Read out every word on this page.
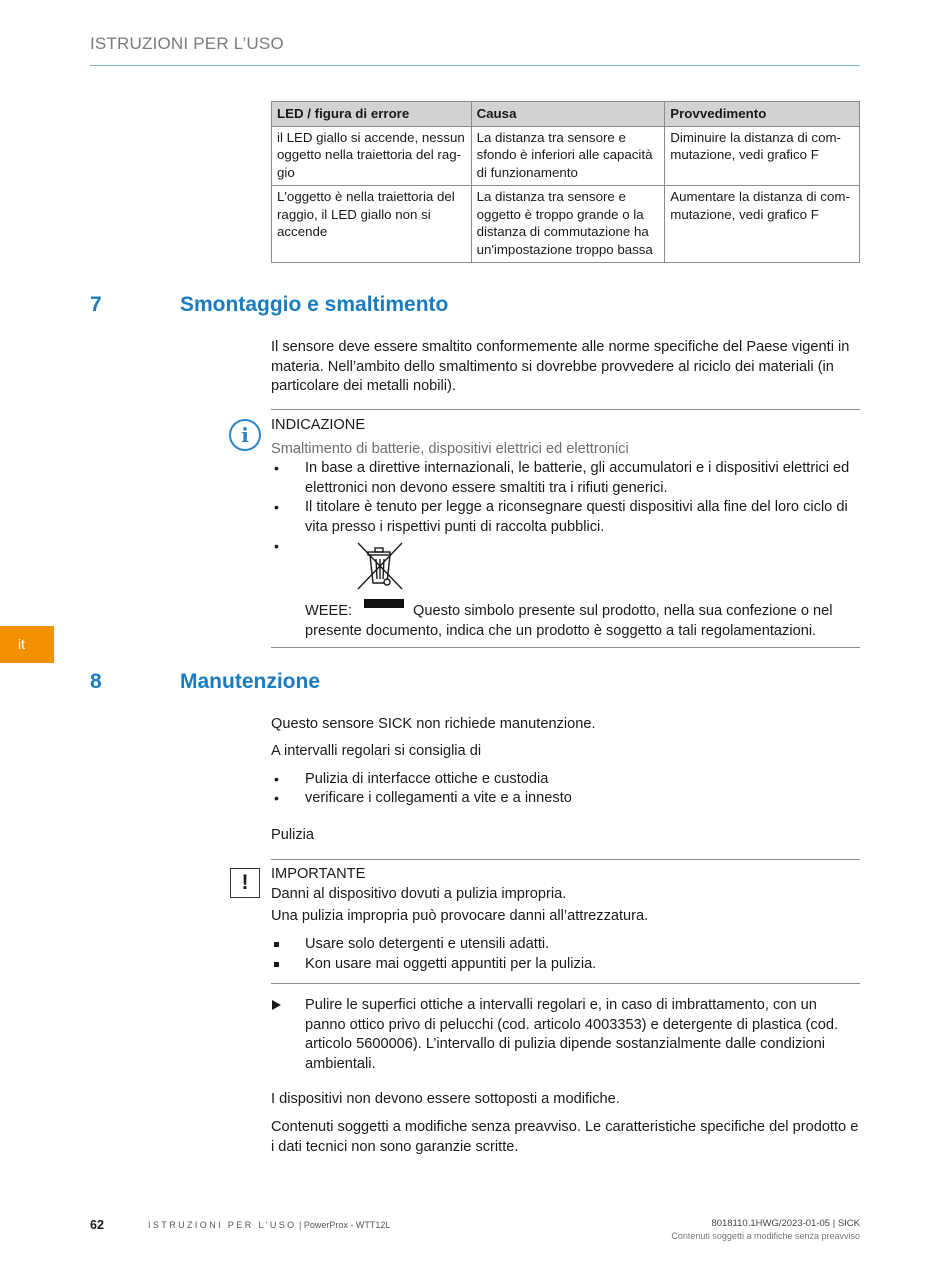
ISTRUZIONI PER L’USO
LED / figura di errore	Causa	Provvedimento
il LED giallo si accende, nessun oggetto nella traiettoria del raggio	La distanza tra sensore e sfondo è inferiori alle capacità di funzionamento	Diminuire la distanza di commutazione, vedi grafico F
L'oggetto è nella traiettoria del raggio, il LED giallo non si accende	La distanza tra sensore e oggetto è troppo grande o la distanza di commutazione ha un'impostazione troppo bassa	Aumentare la distanza di commutazione, vedi grafico F
7	Smontaggio e smaltimento
Il sensore deve essere smaltito conformemente alle norme specifiche del Paese vigenti in materia. Nell’ambito dello smaltimento si dovrebbe provvedere al riciclo dei materiali (in particolare dei metalli nobili).
i	INDICAZIONE
Smaltimento di batterie, dispositivi elettrici ed elettronici
• In base a direttive internazionali, le batterie, gli accumulatori e i dispositivi elettrici ed elettronici non devono essere smaltiti tra i rifiuti generici.
• Il titolare è tenuto per legge a riconsegnare questi dispositivi alla fine del loro ciclo di vita presso i rispettivi punti di raccolta pubblici.
•
WEEE:	Questo simbolo presente sul prodotto, nella sua confezione o nel presente documento, indica che un prodotto è soggetto a tali regolamentazioni.
it
8	Manutenzione
Questo sensore SICK non richiede manutenzione.
A intervalli regolari si consiglia di
• Pulizia di interfacce ottiche e custodia
• verificare i collegamenti a vite e a innesto
Pulizia
!	IMPORTANTE
Danni al dispositivo dovuti a pulizia impropria.
Una pulizia impropria può provocare danni all’attrezzatura.
Usare solo detergenti e utensili adatti.
Kon usare mai oggetti appuntiti per la pulizia.
Pulire le superfici ottiche a intervalli regolari e, in caso di imbrattamento, con un panno ottico privo di pelucchi (cod. articolo 4003353) e detergente di plastica (cod. articolo 5600006). L’intervallo di pulizia dipende sostanzialmente dalle condizioni ambientali.
I dispositivi non devono essere sottoposti a modifiche.
Contenuti soggetti a modifiche senza preavviso. Le caratteristiche specifiche del prodotto e i dati tecnici non sono garanzie scritte.
62	ISTRUZIONI PER L’USO | PowerProx - WTT12L	8018110.1HWG/2023-01-05 | SICK
Contenuti soggetti a modifiche senza preavviso
